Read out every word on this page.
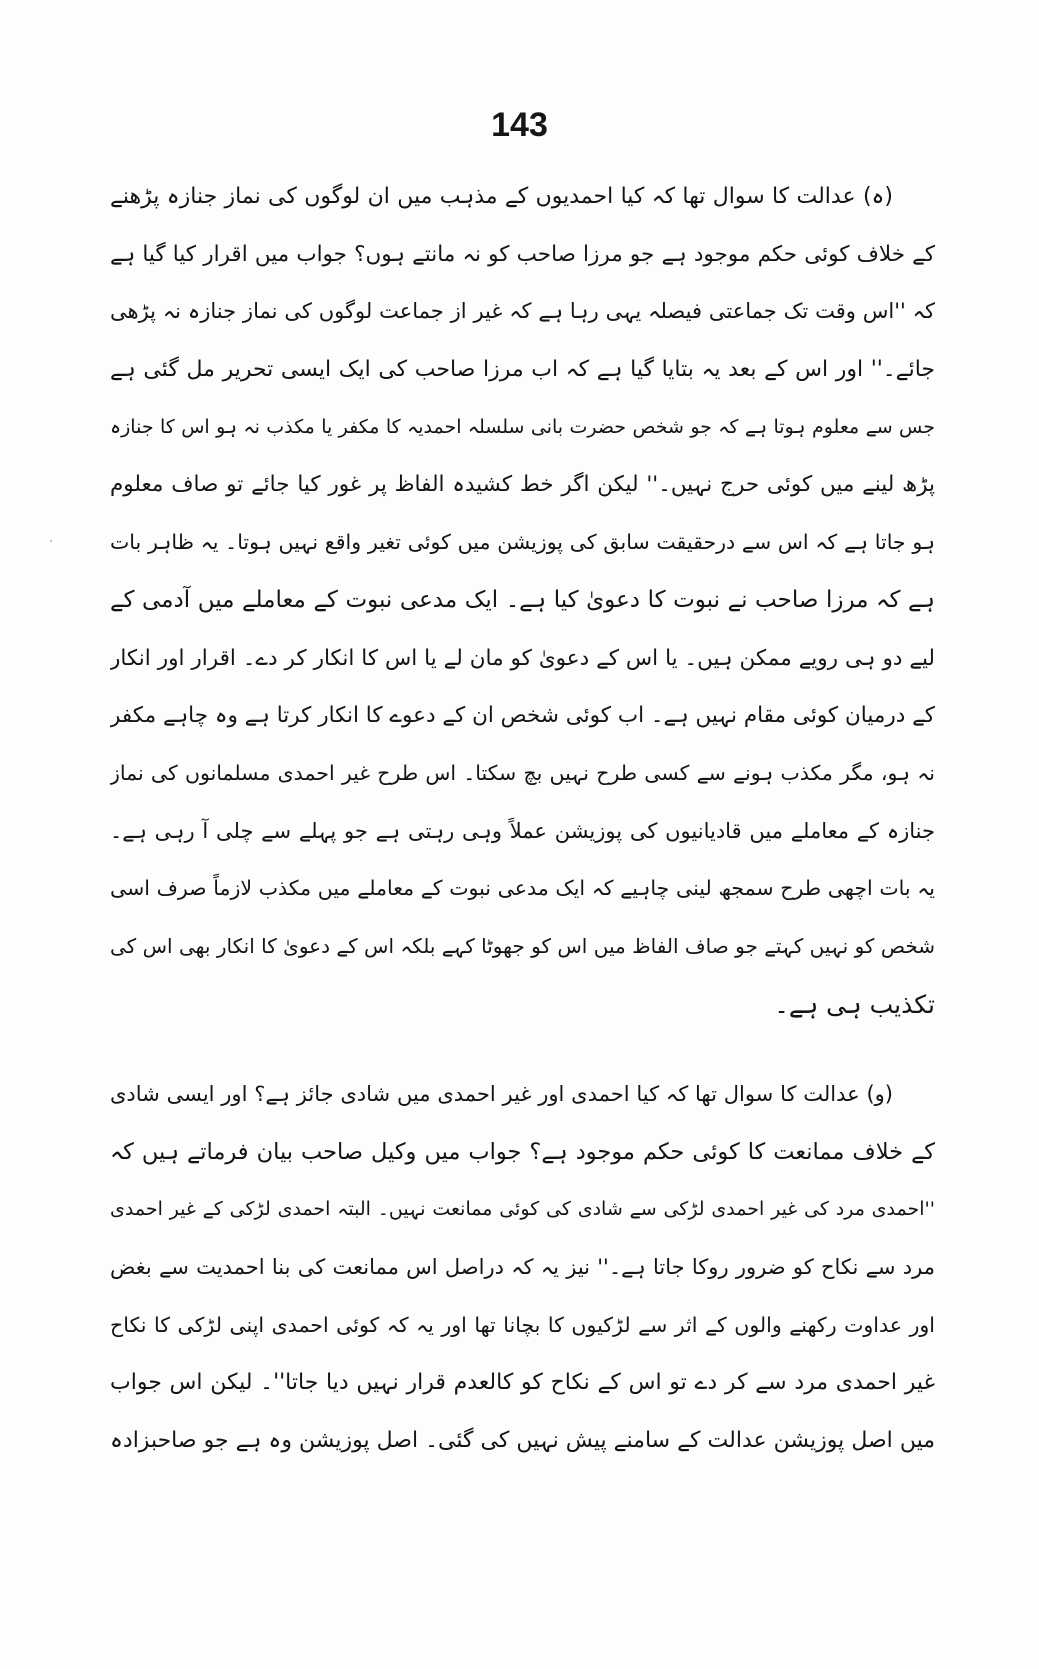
143
(ہ) عدالت کا سوال تھا کہ کیا احمدیوں کے مذہب میں ان لوگوں کی نماز جنازہ پڑھنے
کے خلاف کوئی حکم موجود ہے جو مرزا صاحب کو نہ مانتے ہوں؟ جواب میں اقرار کیا گیا ہے
کہ ''اس وقت تک جماعتی فیصلہ یہی رہا ہے کہ غیر از جماعت لوگوں کی نماز جنازہ نہ پڑھی
جائے۔'' اور اس کے بعد یہ بتایا گیا ہے کہ اب مرزا صاحب کی ایک ایسی تحریر مل گئی ہے
جس سے معلوم ہوتا ہے کہ جو شخص حضرت بانی سلسلہ احمدیہ کا مکفر یا مکذب نہ ہو اس کا جنازہ
پڑھ لینے میں کوئی حرج نہیں۔'' لیکن اگر خط کشیدہ الفاظ پر غور کیا جائے تو صاف معلوم
ہو جاتا ہے کہ اس سے درحقیقت سابق کی پوزیشن میں کوئی تغیر واقع نہیں ہوتا۔ یہ ظاہر بات
ہے کہ مرزا صاحب نے نبوت کا دعویٰ کیا ہے۔ ایک مدعی نبوت کے معاملے میں آدمی کے
لیے دو ہی رویے ممکن ہیں۔ یا اس کے دعویٰ کو مان لے یا اس کا انکار کر دے۔ اقرار اور انکار
کے درمیان کوئی مقام نہیں ہے۔ اب کوئی شخص ان کے دعوے کا انکار کرتا ہے وہ چاہے مکفر
نہ ہو، مگر مکذب ہونے سے کسی طرح نہیں بچ سکتا۔ اس طرح غیر احمدی مسلمانوں کی نماز
جنازہ کے معاملے میں قادیانیوں کی پوزیشن عملاً وہی رہتی ہے جو پہلے سے چلی آ رہی ہے۔
یہ بات اچھی طرح سمجھ لینی چاہیے کہ ایک مدعی نبوت کے معاملے میں مکذب لازماً صرف اسی
شخص کو نہیں کہتے جو صاف الفاظ میں اس کو جھوٹا کہے بلکہ اس کے دعویٰ کا انکار بھی اس کی
تکذیب ہی ہے۔
(و) عدالت کا سوال تھا کہ کیا احمدی اور غیر احمدی میں شادی جائز ہے؟ اور ایسی شادی
کے خلاف ممانعت کا کوئی حکم موجود ہے؟ جواب میں وکیل صاحب بیان فرماتے ہیں کہ
''احمدی مرد کی غیر احمدی لڑکی سے شادی کی کوئی ممانعت نہیں۔ البتہ احمدی لڑکی کے غیر احمدی
مرد سے نکاح کو ضرور روکا جاتا ہے۔'' نیز یہ کہ دراصل اس ممانعت کی بنا احمدیت سے بغض
اور عداوت رکھنے والوں کے اثر سے لڑکیوں کا بچانا تھا اور یہ کہ کوئی احمدی اپنی لڑکی کا نکاح
غیر احمدی مرد سے کر دے تو اس کے نکاح کو کالعدم قرار نہیں دیا جاتا''۔ لیکن اس جواب
میں اصل پوزیشن عدالت کے سامنے پیش نہیں کی گئی۔ اصل پوزیشن وہ ہے جو صاحبزادہ
